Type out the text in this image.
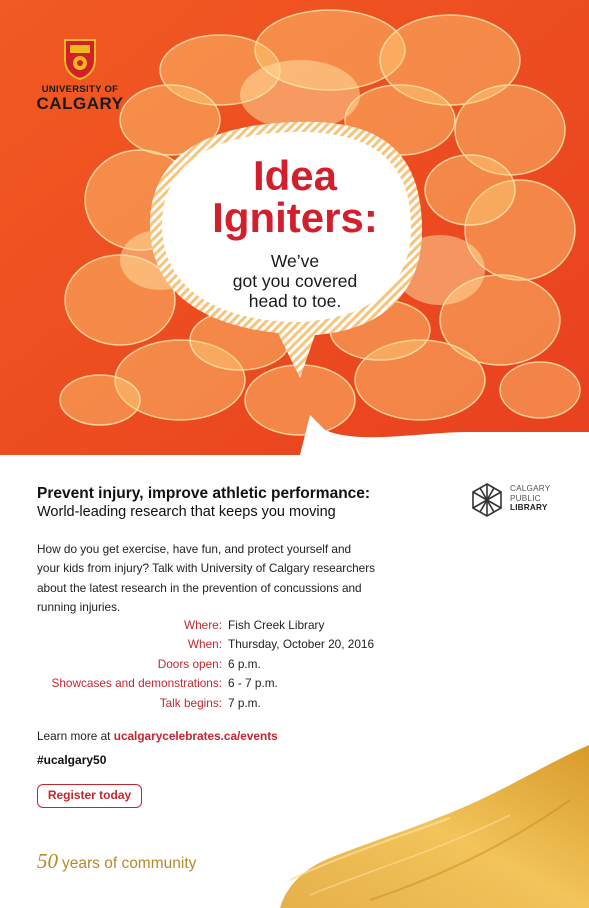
UNIVERSITY OF
CALGARY
Idea
Igniters:
We’ve
got you covered
head to toe.
CALGARY
PUBLIC
LIBRARY
Prevent injury, improve athletic performance:
World-leading research that keeps you moving
How do you get exercise, have fun, and protect yourself and
your kids from injury? Talk with University of Calgary researchers
about the latest research in the prevention of concussions and
running injuries.
Where: Fish Creek Library
When: Thursday, October 20, 2016
Doors open: 6 p.m.
Showcases and demonstrations: 6 - 7 p.m.
Talk begins: 7 p.m.
Learn more at ucalgarycelebrates.ca/events
#ucalgary50
Register today
50 years of community
